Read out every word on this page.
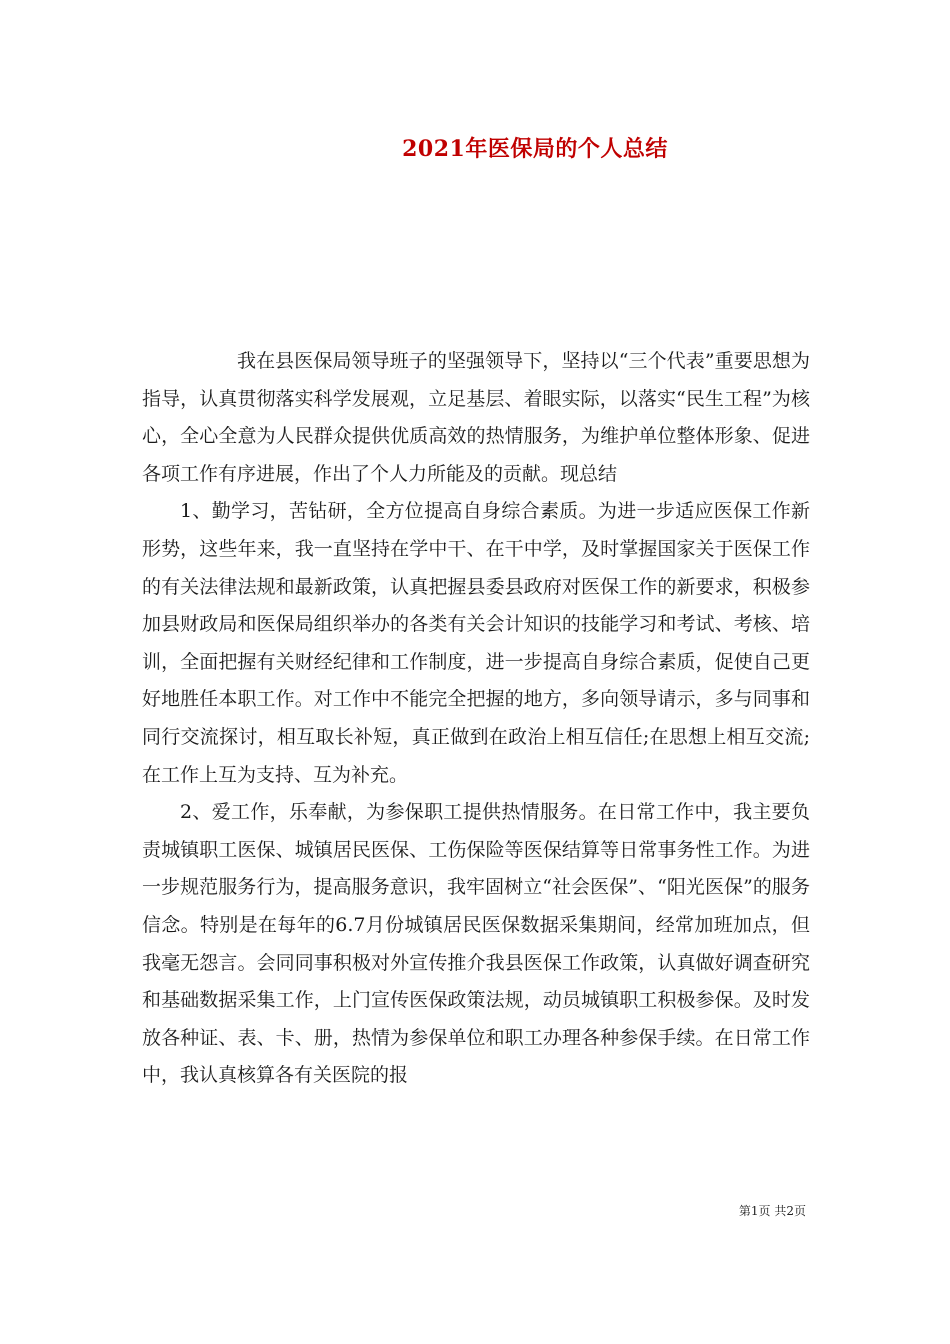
2021年医保局的个人总结

我在县医保局领导班子的坚强领导下，坚持以“三个代表”重要思想为指导，认真贯彻落实科学发展观，立足基层、着眼实际，以落实“民生工程”为核心，全心全意为人民群众提供优质高效的热情服务，为维护单位整体形象、促进各项工作有序进展，作出了个人力所能及的贡献。现总结

1、勤学习，苦钻研，全方位提高自身综合素质。为进一步适应医保工作新形势，这些年来，我一直坚持在学中干、在干中学，及时掌握国家关于医保工作的有关法律法规和最新政策，认真把握县委县政府对医保工作的新要求，积极参加县财政局和医保局组织举办的各类有关会计知识的技能学习和考试、考核、培训，全面把握有关财经纪律和工作制度，进一步提高自身综合素质，促使自己更好地胜任本职工作。对工作中不能完全把握的地方，多向领导请示，多与同事和同行交流探讨，相互取长补短，真正做到在政治上相互信任;在思想上相互交流;在工作上互为支持、互为补充。

2、爱工作，乐奉献，为参保职工提供热情服务。在日常工作中，我主要负责城镇职工医保、城镇居民医保、工伤保险等医保结算等日常事务性工作。为进一步规范服务行为，提高服务意识，我牢固树立“社会医保”、“阳光医保”的服务信念。特别是在每年的6.7月份城镇居民医保数据采集期间，经常加班加点，但我毫无怨言。会同同事积极对外宣传推介我县医保工作政策，认真做好调查研究和基础数据采集工作，上门宣传医保政策法规，动员城镇职工积极参保。及时发放各种证、表、卡、册，热情为参保单位和职工办理各种参保手续。在日常工作中，我认真核算各有关医院的报

第1页 共2页
